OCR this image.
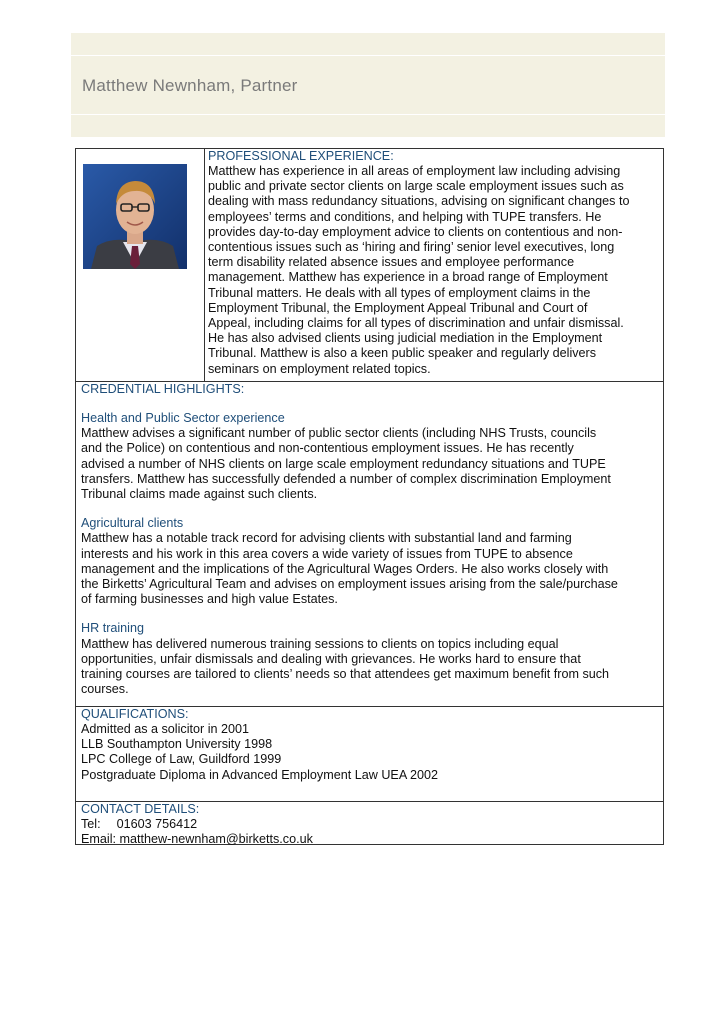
Matthew Newnham, Partner
PROFESSIONAL EXPERIENCE:
Matthew has experience in all areas of employment law including advising
public and private sector clients on large scale employment issues such as
dealing with mass redundancy situations, advising on significant changes to
employees’ terms and conditions, and helping with TUPE transfers. He
provides day-to-day employment advice to clients on contentious and non-
contentious issues such as ‘hiring and firing’ senior level executives, long
term disability related absence issues and employee performance
management. Matthew has experience in a broad range of Employment
Tribunal matters. He deals with all types of employment claims in the
Employment Tribunal, the Employment Appeal Tribunal and Court of
Appeal, including claims for all types of discrimination and unfair dismissal.
He has also advised clients using judicial mediation in the Employment
Tribunal. Matthew is also a keen public speaker and regularly delivers
seminars on employment related topics.
CREDENTIAL HIGHLIGHTS:
Health and Public Sector experience
Matthew advises a significant number of public sector clients (including NHS Trusts, councils
and the Police) on contentious and non-contentious employment issues. He has recently
advised a number of NHS clients on large scale employment redundancy situations and TUPE
transfers. Matthew has successfully defended a number of complex discrimination Employment
Tribunal claims made against such clients.
Agricultural clients
Matthew has a notable track record for advising clients with substantial land and farming
interests and his work in this area covers a wide variety of issues from TUPE to absence
management and the implications of the Agricultural Wages Orders. He also works closely with
the Birketts’ Agricultural Team and advises on employment issues arising from the sale/purchase
of farming businesses and high value Estates.
HR training
Matthew has delivered numerous training sessions to clients on topics including equal
opportunities, unfair dismissals and dealing with grievances. He works hard to ensure that
training courses are tailored to clients’ needs so that attendees get maximum benefit from such
courses.
QUALIFICATIONS:
Admitted as a solicitor in 2001
LLB Southampton University 1998
LPC College of Law, Guildford 1999
Postgraduate Diploma in Advanced Employment Law UEA 2002
CONTACT DETAILS:
Tel: 01603 756412
Email: matthew-newnham@birketts.co.uk
